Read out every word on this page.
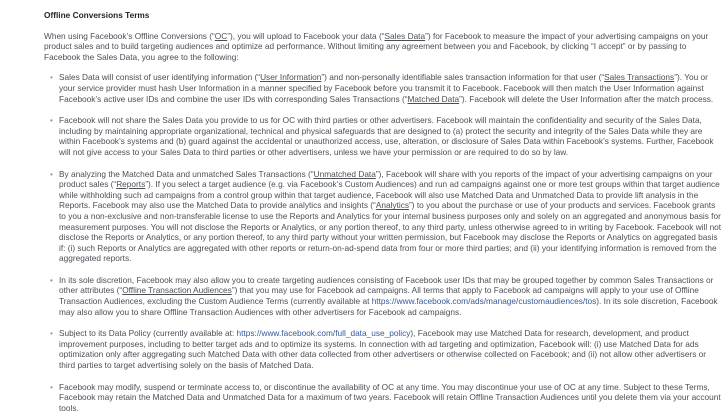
Offline Conversions Terms

When using Facebook’s Offline Conversions (“OC”), you will upload to Facebook your data (“Sales Data”) for Facebook to measure the impact of your advertising campaigns on your product sales and to build targeting audiences and optimize ad performance. Without limiting any agreement between you and Facebook, by clicking “I accept” or by passing to Facebook the Sales Data, you agree to the following:

• Sales Data will consist of user identifying information (“User Information”) and non-personally identifiable sales transaction information for that user (“Sales Transactions”). You or your service provider must hash User Information in a manner specified by Facebook before you transmit it to Facebook. Facebook will then match the User Information against Facebook’s active user IDs and combine the user IDs with corresponding Sales Transactions (“Matched Data”). Facebook will delete the User Information after the match process.
• Facebook will not share the Sales Data you provide to us for OC with third parties or other advertisers. Facebook will maintain the confidentiality and security of the Sales Data, including by maintaining appropriate organizational, technical and physical safeguards that are designed to (a) protect the security and integrity of the Sales Data while they are within Facebook’s systems and (b) guard against the accidental or unauthorized access, use, alteration, or disclosure of Sales Data within Facebook’s systems. Further, Facebook will not give access to your Sales Data to third parties or other advertisers, unless we have your permission or are required to do so by law.
• By analyzing the Matched Data and unmatched Sales Transactions (“Unmatched Data”), Facebook will share with you reports of the impact of your advertising campaigns on your product sales (“Reports”). If you select a target audience (e.g. via Facebook’s Custom Audiences) and run ad campaigns against one or more test groups within that target audience while withholding such ad campaigns from a control group within that target audience, Facebook will also use Matched Data and Unmatched Data to provide lift analysis in the Reports. Facebook may also use the Matched Data to provide analytics and insights (“Analytics”) to you about the purchase or use of your products and services. Facebook grants to you a non-exclusive and non-transferable license to use the Reports and Analytics for your internal business purposes only and solely on an aggregated and anonymous basis for measurement purposes. You will not disclose the Reports or Analytics, or any portion thereof, to any third party, unless otherwise agreed to in writing by Facebook. Facebook will not disclose the Reports or Analytics, or any portion thereof, to any third party without your written permission, but Facebook may disclose the Reports or Analytics on aggregated basis if: (i) such Reports or Analytics are aggregated with other reports or return-on-ad-spend data from four or more third parties; and (ii) your identifying information is removed from the aggregated reports.
• In its sole discretion, Facebook may also allow you to create targeting audiences consisting of Facebook user IDs that may be grouped together by common Sales Transactions or other attributes (“Offline Transaction Audiences”) that you may use for Facebook ad campaigns. All terms that apply to Facebook ad campaigns will apply to your use of Offline Transaction Audiences, excluding the Custom Audience Terms (currently available at https://www.facebook.com/ads/manage/customaudiences/tos). In its sole discretion, Facebook may also allow you to share Offline Transaction Audiences with other advertisers for Facebook ad campaigns.
• Subject to its Data Policy (currently available at: https://www.facebook.com/full_data_use_policy), Facebook may use Matched Data for research, development, and product improvement purposes, including to better target ads and to optimize its systems. In connection with ad targeting and optimization, Facebook will: (i) use Matched Data for ads optimization only after aggregating such Matched Data with other data collected from other advertisers or otherwise collected on Facebook; and (ii) not allow other advertisers or third parties to target advertising solely on the basis of Matched Data.
• Facebook may modify, suspend or terminate access to, or discontinue the availability of OC at any time. You may discontinue your use of OC at any time. Subject to these Terms, Facebook may retain the Matched Data and Unmatched Data for a maximum of two years. Facebook will retain Offline Transaction Audiences until you delete them via your account tools.
